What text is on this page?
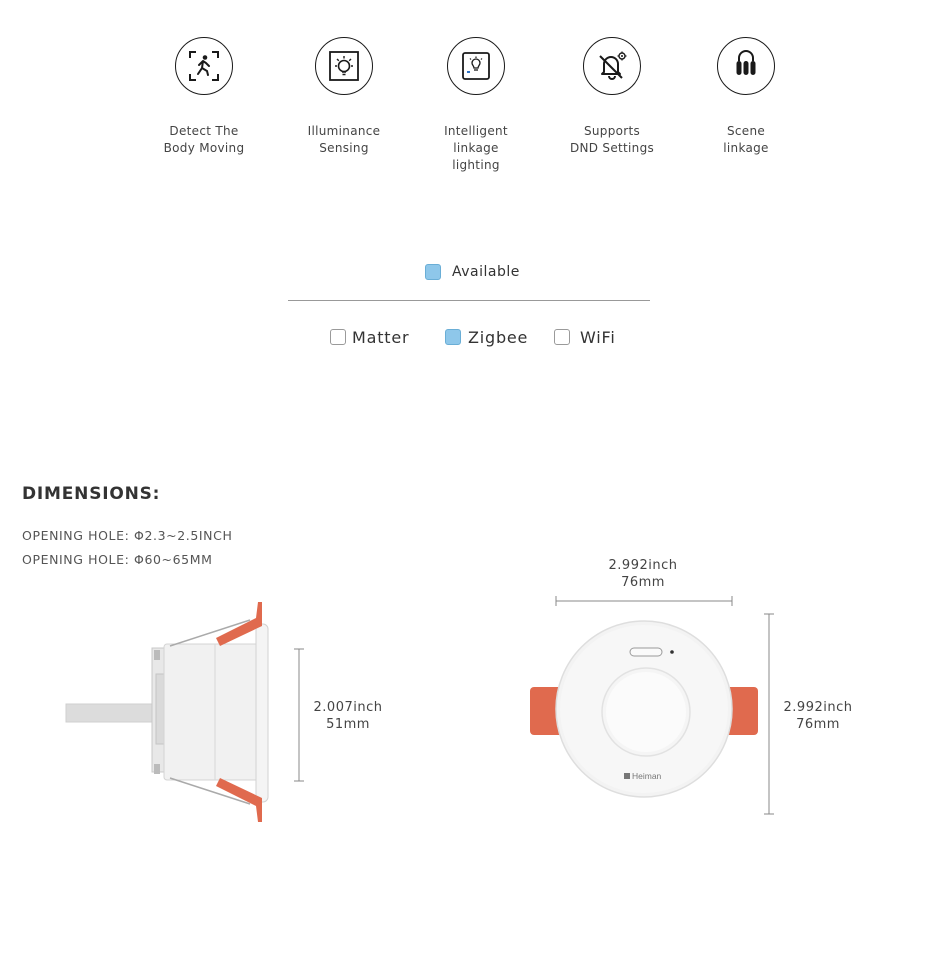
Detect The
Body Moving
Illuminance
Sensing
Intelligent
linkage
lighting
Supports
DND Settings
Scene
linkage
Available
Matter	Zigbee	WiFi
DIMENSIONS:
OPENING HOLE: Φ2.3~2.5INCH
OPENING HOLE: Φ60~65MM
2.007inch
51mm
2.992inch
76mm
Heiman
2.992inch
76mm
